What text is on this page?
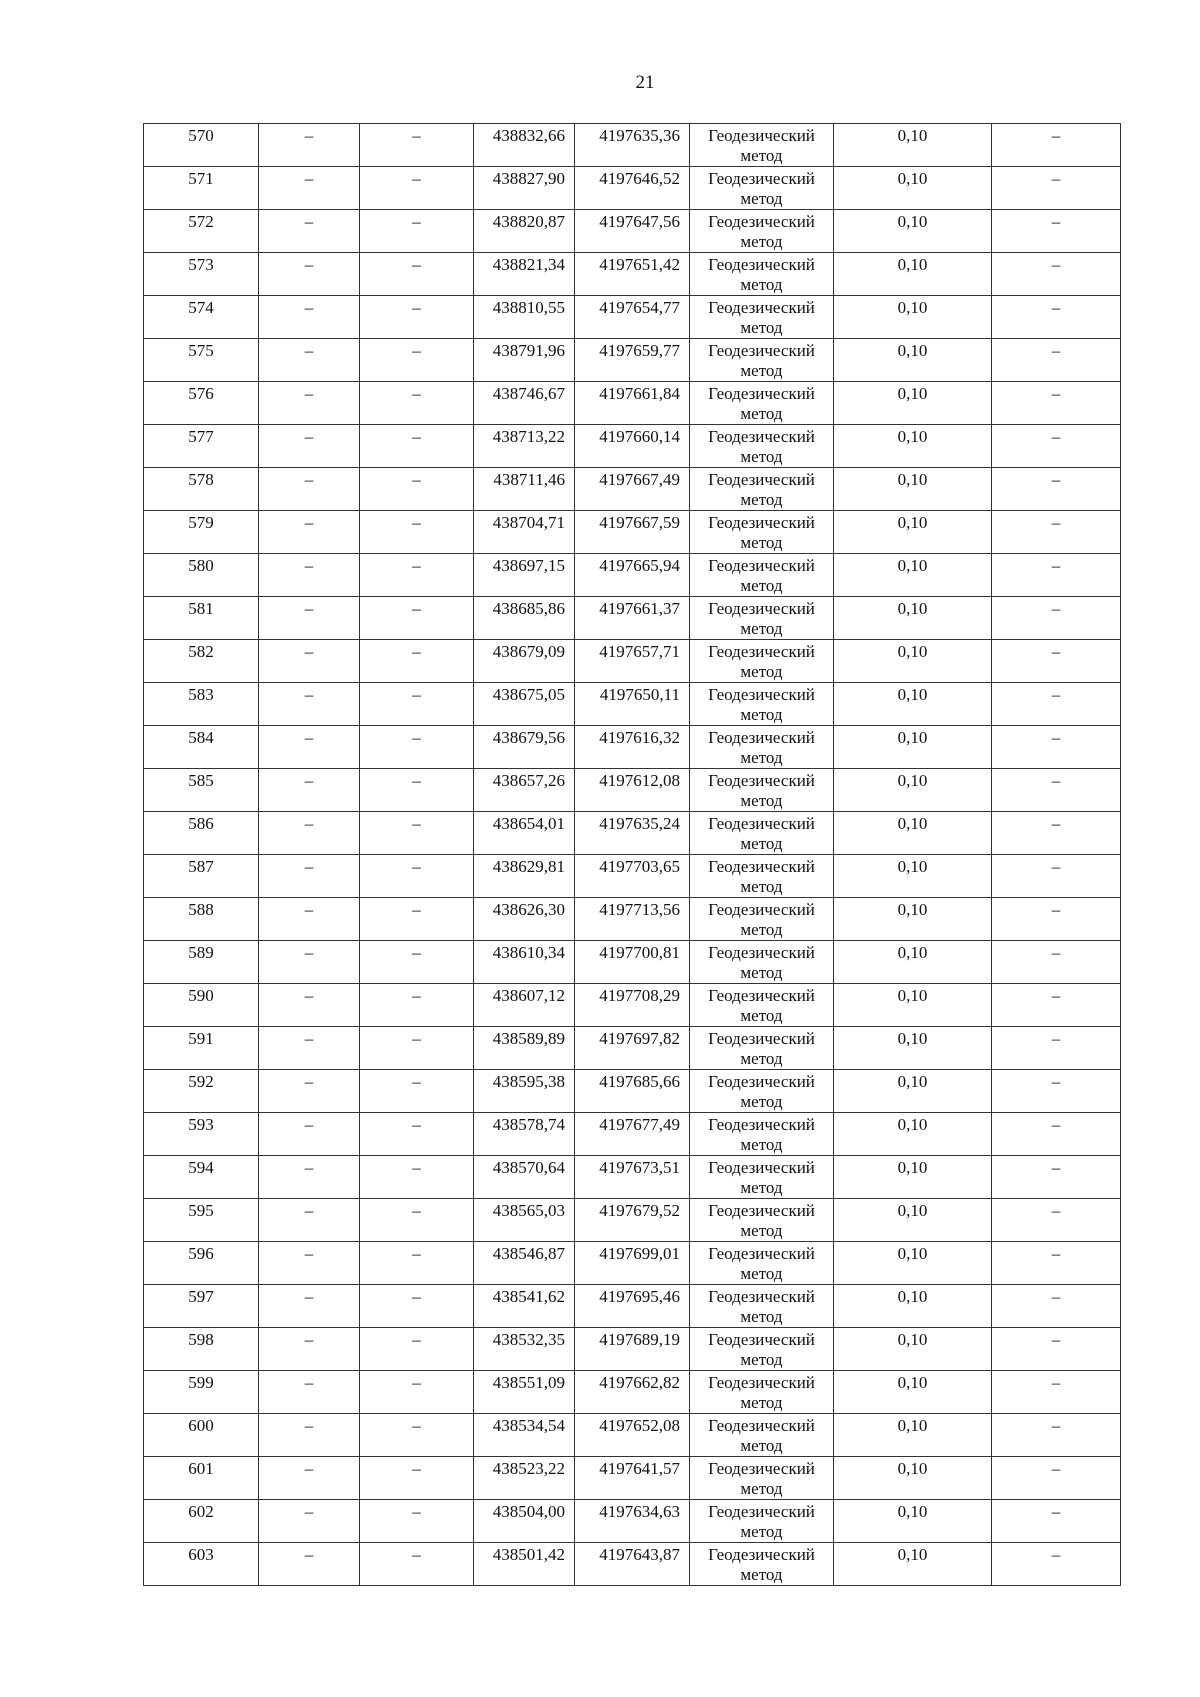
21
570	–	–	438832,66	4197635,36	Геодезический метод	0,10	–
571	–	–	438827,90	4197646,52	Геодезический метод	0,10	–
572	–	–	438820,87	4197647,56	Геодезический метод	0,10	–
573	–	–	438821,34	4197651,42	Геодезический метод	0,10	–
574	–	–	438810,55	4197654,77	Геодезический метод	0,10	–
575	–	–	438791,96	4197659,77	Геодезический метод	0,10	–
576	–	–	438746,67	4197661,84	Геодезический метод	0,10	–
577	–	–	438713,22	4197660,14	Геодезический метод	0,10	–
578	–	–	438711,46	4197667,49	Геодезический метод	0,10	–
579	–	–	438704,71	4197667,59	Геодезический метод	0,10	–
580	–	–	438697,15	4197665,94	Геодезический метод	0,10	–
581	–	–	438685,86	4197661,37	Геодезический метод	0,10	–
582	–	–	438679,09	4197657,71	Геодезический метод	0,10	–
583	–	–	438675,05	4197650,11	Геодезический метод	0,10	–
584	–	–	438679,56	4197616,32	Геодезический метод	0,10	–
585	–	–	438657,26	4197612,08	Геодезический метод	0,10	–
586	–	–	438654,01	4197635,24	Геодезический метод	0,10	–
587	–	–	438629,81	4197703,65	Геодезический метод	0,10	–
588	–	–	438626,30	4197713,56	Геодезический метод	0,10	–
589	–	–	438610,34	4197700,81	Геодезический метод	0,10	–
590	–	–	438607,12	4197708,29	Геодезический метод	0,10	–
591	–	–	438589,89	4197697,82	Геодезический метод	0,10	–
592	–	–	438595,38	4197685,66	Геодезический метод	0,10	–
593	–	–	438578,74	4197677,49	Геодезический метод	0,10	–
594	–	–	438570,64	4197673,51	Геодезический метод	0,10	–
595	–	–	438565,03	4197679,52	Геодезический метод	0,10	–
596	–	–	438546,87	4197699,01	Геодезический метод	0,10	–
597	–	–	438541,62	4197695,46	Геодезический метод	0,10	–
598	–	–	438532,35	4197689,19	Геодезический метод	0,10	–
599	–	–	438551,09	4197662,82	Геодезический метод	0,10	–
600	–	–	438534,54	4197652,08	Геодезический метод	0,10	–
601	–	–	438523,22	4197641,57	Геодезический метод	0,10	–
602	–	–	438504,00	4197634,63	Геодезический метод	0,10	–
603	–	–	438501,42	4197643,87	Геодезический метод	0,10	–
